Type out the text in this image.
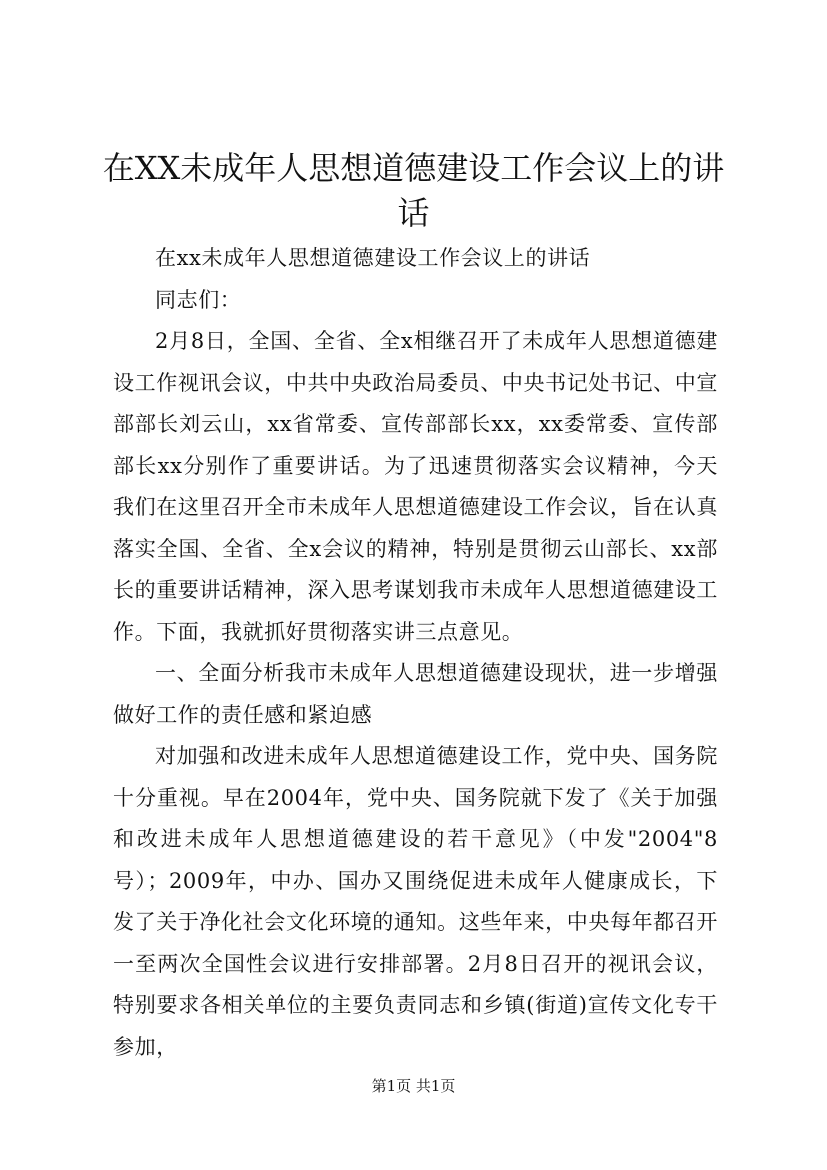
在XX未成年人思想道德建设工作会议上的讲话

在xx未成年人思想道德建设工作会议上的讲话

同志们：

2月8日，全国、全省、全x相继召开了未成年人思想道德建设工作视讯会议，中共中央政治局委员、中央书记处书记、中宣部部长刘云山，xx省常委、宣传部部长xx，xx委常委、宣传部部长xx分别作了重要讲话。为了迅速贯彻落实会议精神，今天我们在这里召开全市未成年人思想道德建设工作会议，旨在认真落实全国、全省、全x会议的精神，特别是贯彻云山部长、xx部长的重要讲话精神，深入思考谋划我市未成年人思想道德建设工作。下面，我就抓好贯彻落实讲三点意见。

一、全面分析我市未成年人思想道德建设现状，进一步增强做好工作的责任感和紧迫感

对加强和改进未成年人思想道德建设工作，党中央、国务院十分重视。早在2004年，党中央、国务院就下发了《关于加强和改进未成年人思想道德建设的若干意见》（中发"2004"8号）；2009年，中办、国办又围绕促进未成年人健康成长，下发了关于净化社会文化环境的通知。这些年来，中央每年都召开一至两次全国性会议进行安排部署。2月8日召开的视讯会议，特别要求各相关单位的主要负责同志和乡镇(街道)宣传文化专干参加，

第1页 共1页
